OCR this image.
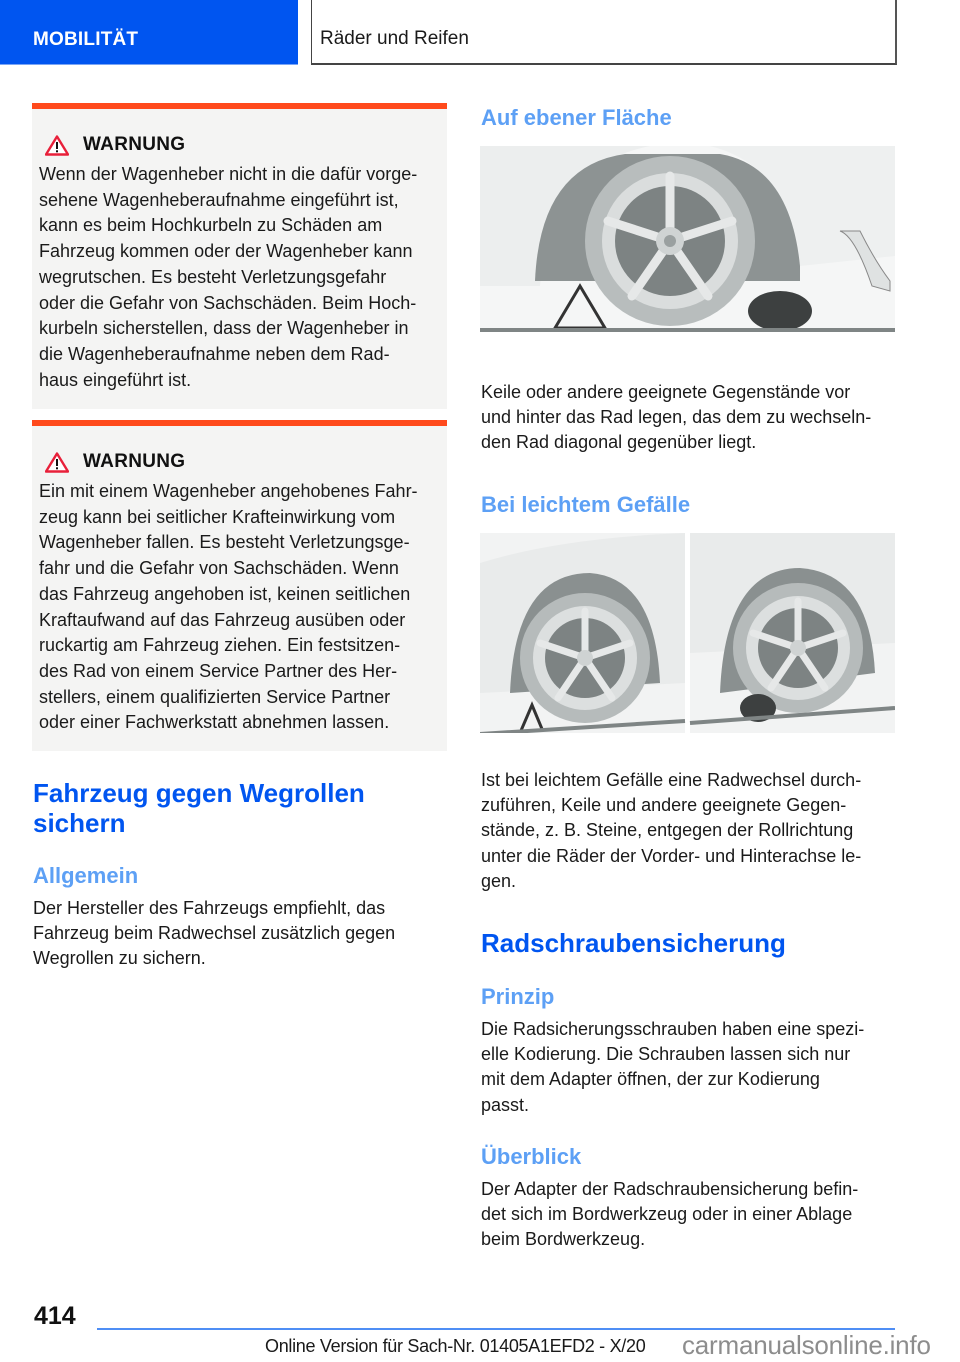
MOBILITÄT	Räder und Reifen
WARNUNG
Wenn der Wagenheber nicht in die dafür vorge-
sehene Wagenheberaufnahme eingeführt ist,
kann es beim Hochkurbeln zu Schäden am
Fahrzeug kommen oder der Wagenheber kann
wegrutschen. Es besteht Verletzungsgefahr
oder die Gefahr von Sachschäden. Beim Hoch-
kurbeln sicherstellen, dass der Wagenheber in
die Wagenheberaufnahme neben dem Rad-
haus eingeführt ist.
WARNUNG
Ein mit einem Wagenheber angehobenes Fahr-
zeug kann bei seitlicher Krafteinwirkung vom
Wagenheber fallen. Es besteht Verletzungsge-
fahr und die Gefahr von Sachschäden. Wenn
das Fahrzeug angehoben ist, keinen seitlichen
Kraftaufwand auf das Fahrzeug ausüben oder
ruckartig am Fahrzeug ziehen. Ein festsitzen-
des Rad von einem Service Partner des Her-
stellers, einem qualifizierten Service Partner
oder einer Fachwerkstatt abnehmen lassen.
Fahrzeug gegen Wegrollen
sichern
Allgemein
Der Hersteller des Fahrzeugs empfiehlt, das
Fahrzeug beim Radwechsel zusätzlich gegen
Wegrollen zu sichern.
Auf ebener Fläche
Keile oder andere geeignete Gegenstände vor
und hinter das Rad legen, das dem zu wechseln-
den Rad diagonal gegenüber liegt.
Bei leichtem Gefälle
Ist bei leichtem Gefälle eine Radwechsel durch-
zuführen, Keile und andere geeignete Gegen-
stände, z. B. Steine, entgegen der Rollrichtung
unter die Räder der Vorder- und Hinterachse le-
gen.
Radschraubensicherung
Prinzip
Die Radsicherungsschrauben haben eine spezi-
elle Kodierung. Die Schrauben lassen sich nur
mit dem Adapter öffnen, der zur Kodierung
passt.
Überblick
Der Adapter der Radschraubensicherung befin-
det sich im Bordwerkzeug oder in einer Ablage
beim Bordwerkzeug.
414
Online Version für Sach-Nr. 01405A1EFD2 - X/20 carmanualsonline.info
